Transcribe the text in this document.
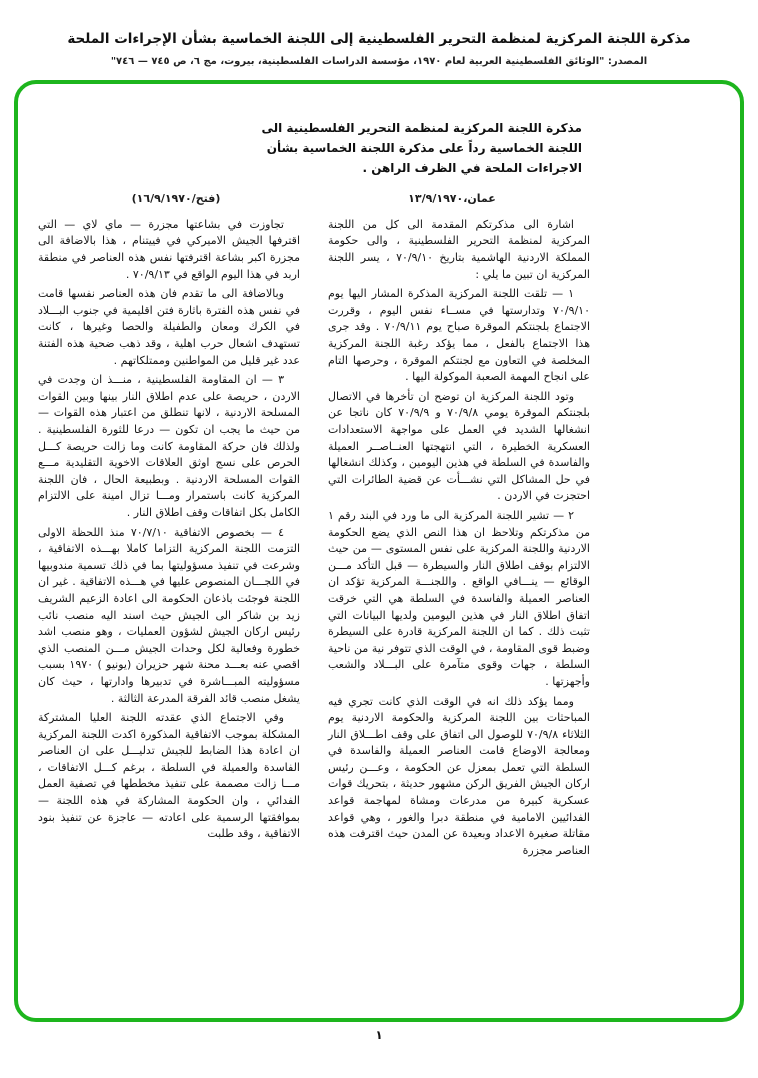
مذكرة اللجنة المركزية لمنظمة التحرير الفلسطينية إلى اللجنة الخماسية بشأن الإجراءات الملحة
المصدر: "الوثائق الفلسطينية العربية لعام ١٩٧٠، مؤسسة الدراسات الفلسطينية، بيروت، مج ٦، ص ٧٤٥ — ٧٤٦"
مذكرة اللجنة المركزية لمنظمة التحرير الفلسطينية الى
اللجنة الخماسية رداً على مذكرة اللجنة الخماسية بشأن
الاجراءات الملحة في الظرف الراهن .
عمان،١٣/٩/١٩٧٠
(فتح/١٦/٩/١٩٧٠)

اشارة الى مذكرتكم المقدمة الى كل من اللجنة المركزية لمنظمة التحرير الفلسطينية ، والى حكومة المملكة الاردنية الهاشمية بتاريخ ٧٠/٩/١٠ ، يسر اللجنة المركزية ان تبين ما يلي :

١ — تلقت اللجنة المركزية المذكرة المشار اليها يوم ٧٠/٩/١٠ وتدارستها في مســاء نفس اليوم ، وقررت الاجتماع بلجنتكم الموقرة صباح يوم ٧٠/٩/١١ . وقد جرى هذا الاجتماع بالفعل ، مما يؤكد رغبة اللجنة المركزية المخلصة في التعاون مع لجنتكم الموقرة ، وحرصها التام على انجاح المهمة الصعبة الموكولة اليها .

وتود اللجنة المركزية ان توضح ان تأخرها في الاتصال بلجنتكم الموقرة يومي ٧٠/٩/٨ و ٧٠/٩/٩ كان ناتجا عن انشغالها الشديد في العمل على مواجهة الاستعدادات العسكرية الخطيرة ، التي انتهجتها العنــاصــر العميلة والفاسدة في السلطة في هذين اليومين ، وكذلك انشغالها في حل المشاكل التي نشـــأت عن قضية الطائرات التي احتجزت في الاردن .

٢ — تشير اللجنة المركزية الى ما ورد في البند رقم ١ من مذكرتكم وتلاحظ ان هذا النص الذي يضع الحكومة الاردنية واللجنة المركزية على نفس المستوى — من حيث الالتزام بوقف اطلاق النار والسيطرة — قبل التأكد مـــن الوقائع — ينـــافي الواقع . واللجنـــة المركزية تؤكد ان العناصر العميلة والفاسدة في السلطة هي التي خرقت اتفاق اطلاق النار في هذين اليومين ولديها البيانات التي تثبت ذلك . كما ان اللجنة المركزية قادرة على السيطرة وضبط قوى المقاومة ، في الوقت الذي تتوفر نية من ناحية السلطة ، جهات وقوى متآمرة على البـــلاد والشعب وأجهزتها .

ومما يؤكد ذلك انه في الوقت الذي كانت تجري فيه المباحثات بين اللجنة المركزية والحكومة الاردنية يوم الثلاثاء ٧٠/٩/٨ للوصول الى اتفاق على وقف اطـــلاق النار ومعالجة الاوضاع قامت العناصر العميلة والفاسدة في السلطة التي تعمل بمعزل عن الحكومة ، وعـــن رئيس اركان الجيش الفريق الركن مشهور حديثة ، بتحريك قوات عسكرية كبيرة من مدرعات ومشاة لمهاجمة قواعد الفدائيين الامامية في منطقة دبرا والغور ، وهي قواعد مقاتلة صغيرة الاعداد وبعيدة عن المدن حيث اقترفت هذه العناصر مجزرة

تجاوزت في بشاعتها مجزرة — ماي لاي — التي اقترفها الجيش الاميركي في فييتنام ، هذا بالاضافة الى مجزرة اكبر بشاعة اقترفتها نفس هذه العناصر في منطقة اربد في هذا اليوم الواقع في ٧٠/٩/١٣ .

وبالاضافة الى ما تقدم فان هذه العناصر نفسها قامت في نفس هذه الفترة باثارة فتن اقليمية في جنوب البـــلاد في الكرك ومعان والطفيلة والحصا وغيرها ، كانت تستهدف اشعال حرب اهلية ، وقد ذهب ضحية هذه الفتنة عدد غير قليل من المواطنين وممتلكاتهم .

٣ — ان المقاومة الفلسطينية ، منـــذ ان وجدت في الاردن ، حريصة على عدم اطلاق النار بينها وبين القوات المسلحة الاردنية ، لانها تنطلق من اعتبار هذه القوات — من حيث ما يجب ان تكون — درعا للثورة الفلسطينية . ولذلك فان حركة المقاومة كانت وما زالت حريصة كـــل الحرص على نسج اوثق العلاقات الاخوية التقليدية مـــع القوات المسلحة الاردنية . وبطبيعة الحال ، فان اللجنة المركزية كانت باستمرار ومـــا تزال امينة على الالتزام الكامل بكل اتفاقات وقف اطلاق النار .

٤ — بخصوص الاتفاقية ٧٠/٧/١٠ منذ اللحظة الاولى التزمت اللجنة المركزية التزاما كاملا بهـــذه الاتفاقية ، وشرعت في تنفيذ مسؤوليتها بما في ذلك تسمية مندوبيها في اللجـــان المنصوص عليها في هـــذه الاتفاقية . غير ان اللجنة فوجئت باذعان الحكومة الى اعادة الزعيم الشريف زيد بن شاكر الى الجيش حيث اسند اليه منصب نائب رئيس اركان الجيش لشؤون العمليات ، وهو منصب اشد خطورة وفعالية لكل وحدات الجيش مـــن المنصب الذي اقصي عنه بعـــد محنة شهر حزيران (يونيو ) ١٩٧٠ بسبب مسؤوليته المبـــاشرة في تدبيرها وادارتها ، حيث كان يشغل منصب قائد الفرقة المدرعة الثالثة .

وفي الاجتماع الذي عقدته اللجنة العليا المشتركة المشكلة بموجب الاتفاقية المذكورة اكدت اللجنة المركزية ان اعادة هذا الضابط للجيش تدليـــل على ان العناصر الفاسدة والعميلة في السلطة ، برغم كـــل الاتفاقات ، مـــا زالت مصممة على تنفيذ مخططها في تصفية العمل الفدائي ، وان الحكومة المشاركة في هذه اللجنة — بموافقتها الرسمية على اعادته — عاجزة عن تنفيذ بنود الاتفاقية ، وقد طلبت

١
